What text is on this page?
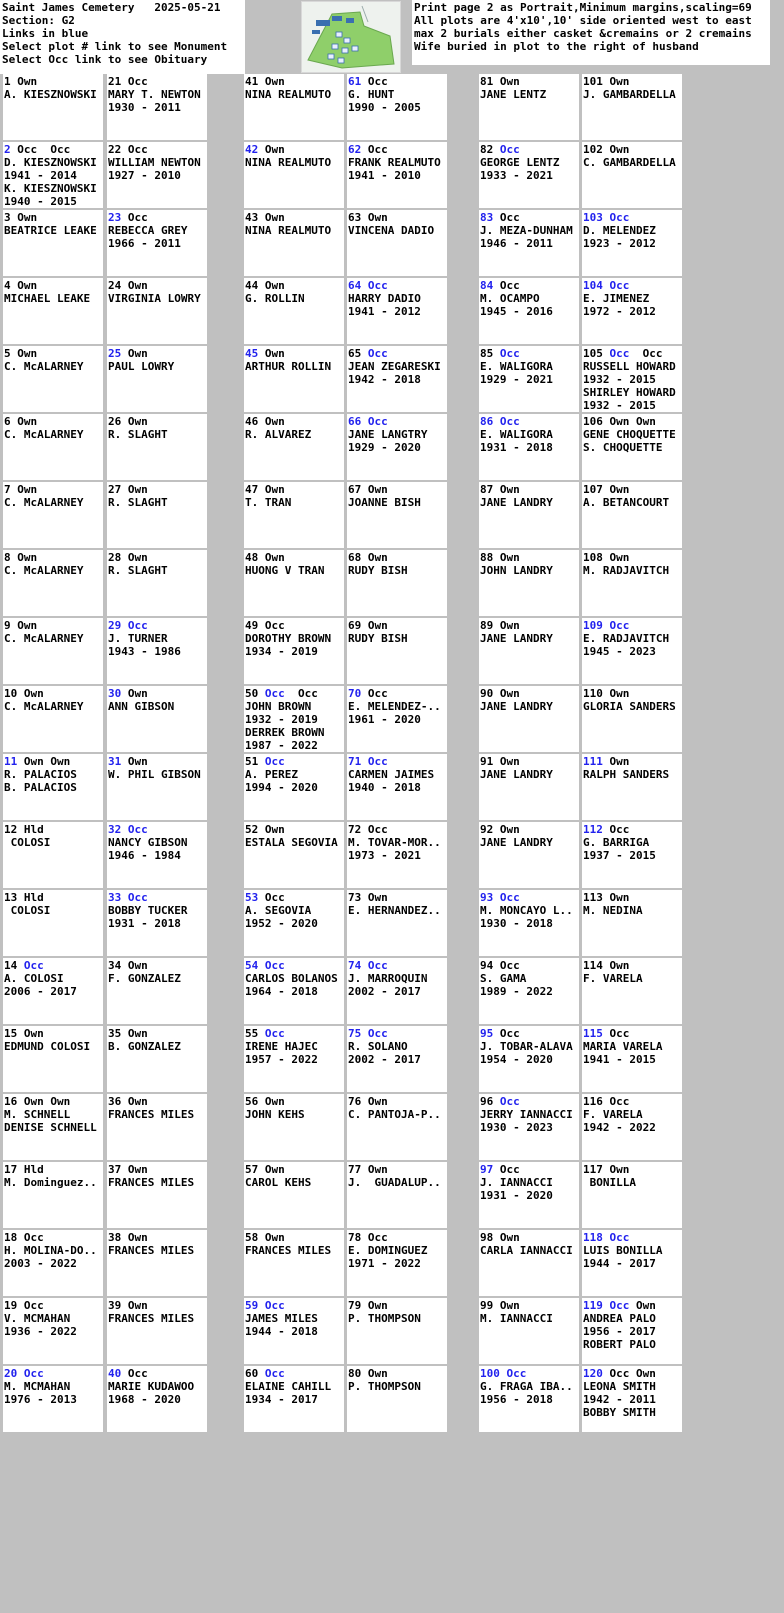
Saint James Cemetery   2025-05-21
Section: G2
Links in blue
Select plot # link to see Monument
Select Occ link to see Obituary
Print page 2 as Portrait,Minimum margins,scaling=69
All plots are 4'x10',10' side oriented west to east
max 2 burials either casket &cremains or 2 cremains
Wife buried in plot to the right of husband
1 Own
A. KIESZNOWSKI
2 Occ Occ
D. KIESZNOWSKI
1941 - 2014
K. KIESZNOWSKI
1940 - 2015
3 Own
BEATRICE LEAKE
4 Own
MICHAEL LEAKE
5 Own
C. McALARNEY
6 Own
C. McALARNEY
7 Own
C. McALARNEY
8 Own
C. McALARNEY
9 Own
C. McALARNEY
10 Own
C. McALARNEY
11 Own Own
R. PALACIOS
B. PALACIOS
12 Hld
COLOSI
13 Hld
COLOSI
14 Occ
A. COLOSI
2006 - 2017
15 Own
EDMUND COLOSI
16 Own Own
M. SCHNELL
DENISE SCHNELL
17 Hld
M. Dominguez..
18 Occ
H. MOLINA-DO..
2003 - 2022
19 Occ
V. MCMAHAN
1936 - 2022
20 Occ
M. MCMAHAN
1976 - 2013
21 Occ
MARY T. NEWTON
1930 - 2011
22 Occ
WILLIAM NEWTON
1927 - 2010
23 Occ
REBECCA GREY
1966 - 2011
24 Own
VIRGINIA LOWRY
25 Own
PAUL LOWRY
26 Own
R. SLAGHT
27 Own
R. SLAGHT
28 Own
R. SLAGHT
29 Occ
J. TURNER
1943 - 1986
30 Own
ANN GIBSON
31 Own
W. PHIL GIBSON
32 Occ
NANCY GIBSON
1946 - 1984
33 Occ
BOBBY TUCKER
1931 - 2018
34 Own
F. GONZALEZ
35 Own
B. GONZALEZ
36 Own
FRANCES MILES
37 Own
FRANCES MILES
38 Own
FRANCES MILES
39 Own
FRANCES MILES
40 Occ
MARIE KUDAWOO
1968 - 2020
41 Own
NINA REALMUTO
42 Own
NINA REALMUTO
43 Own
NINA REALMUTO
44 Own
G. ROLLIN
45 Own
ARTHUR ROLLIN
46 Own
R. ALVAREZ
47 Own
T. TRAN
48 Own
HUONG V TRAN
49 Occ
DOROTHY BROWN
1934 - 2019
50 Occ Occ
JOHN BROWN
1932 - 2019
DERREK BROWN
1987 - 2022
51 Occ
A. PEREZ
1994 - 2020
52 Own
ESTALA SEGOVIA
53 Occ
A. SEGOVIA
1952 - 2020
54 Occ
CARLOS BOLANOS
1964 - 2018
55 Occ
IRENE HAJEC
1957 - 2022
56 Own
JOHN KEHS
57 Own
CAROL KEHS
58 Own
FRANCES MILES
59 Occ
JAMES MILES
1944 - 2018
60 Occ
ELAINE CAHILL
1934 - 2017
61 Occ
G. HUNT
1990 - 2005
62 Occ
FRANK REALMUTO
1941 - 2010
63 Own
VINCENA DADIO
64 Occ
HARRY DADIO
1941 - 2012
65 Occ
JEAN ZEGARESKI
1942 - 2018
66 Occ
JANE LANGTRY
1929 - 2020
67 Own
JOANNE BISH
68 Own
RUDY BISH
69 Own
RUDY BISH
70 Occ
E. MELENDEZ-..
1961 - 2020
71 Occ
CARMEN JAIMES
1940 - 2018
72 Occ
M. TOVAR-MOR..
1973 - 2021
73 Own
E. HERNANDEZ..
74 Occ
J. MARROQUIN
2002 - 2017
75 Occ
R. SOLANO
2002 - 2017
76 Own
C. PANTOJA-P..
77 Own
J.  GUADALUP..
78 Occ
E. DOMINGUEZ
1971 - 2022
79 Own
P. THOMPSON
80 Own
P. THOMPSON
81 Own
JANE LENTZ
82 Occ
GEORGE LENTZ
1933 - 2021
83 Occ
J. MEZA-DUNHAM
1946 - 2011
84 Occ
M. OCAMPO
1945 - 2016
85 Occ
E. WALIGORA
1929 - 2021
86 Occ
E. WALIGORA
1931 - 2018
87 Own
JANE LANDRY
88 Own
JOHN LANDRY
89 Own
JANE LANDRY
90 Own
JANE LANDRY
91 Own
JANE LANDRY
92 Own
JANE LANDRY
93 Occ
M. MONCAYO L..
1930 - 2018
94 Occ
S. GAMA
1989 - 2022
95 Occ
J. TOBAR-ALAVA
1954 - 2020
96 Occ
JERRY IANNACCI
1930 - 2023
97 Occ
J. IANNACCI
1931 - 2020
98 Own
CARLA IANNACCI
99 Own
M. IANNACCI
100 Occ
G. FRAGA IBA..
1956 - 2018
101 Own
J. GAMBARDELLA
102 Own
C. GAMBARDELLA
103 Occ
D. MELENDEZ
1923 - 2012
104 Occ
E. JIMENEZ
1972 - 2012
105 Occ Occ
RUSSELL HOWARD
1932 - 2015
SHIRLEY HOWARD
1932 - 2015
106 Own Own
GENE CHOQUETTE
S. CHOQUETTE
107 Own
A. BETANCOURT
108 Own
M. RADJAVITCH
109 Occ
E. RADJAVITCH
1945 - 2023
110 Own
GLORIA SANDERS
111 Own
RALPH SANDERS
112 Occ
G. BARRIGA
1937 - 2015
113 Own
M. NEDINA
114 Own
F. VARELA
115 Occ
MARIA VARELA
1941 - 2015
116 Occ
F. VARELA
1942 - 2022
117 Own
BONILLA
118 Occ
LUIS BONILLA
1944 - 2017
119 Occ Own
ANDREA PALO
1956 - 2017
ROBERT PALO
120 Occ Own
LEONA SMITH
1942 - 2011
BOBBY SMITH
